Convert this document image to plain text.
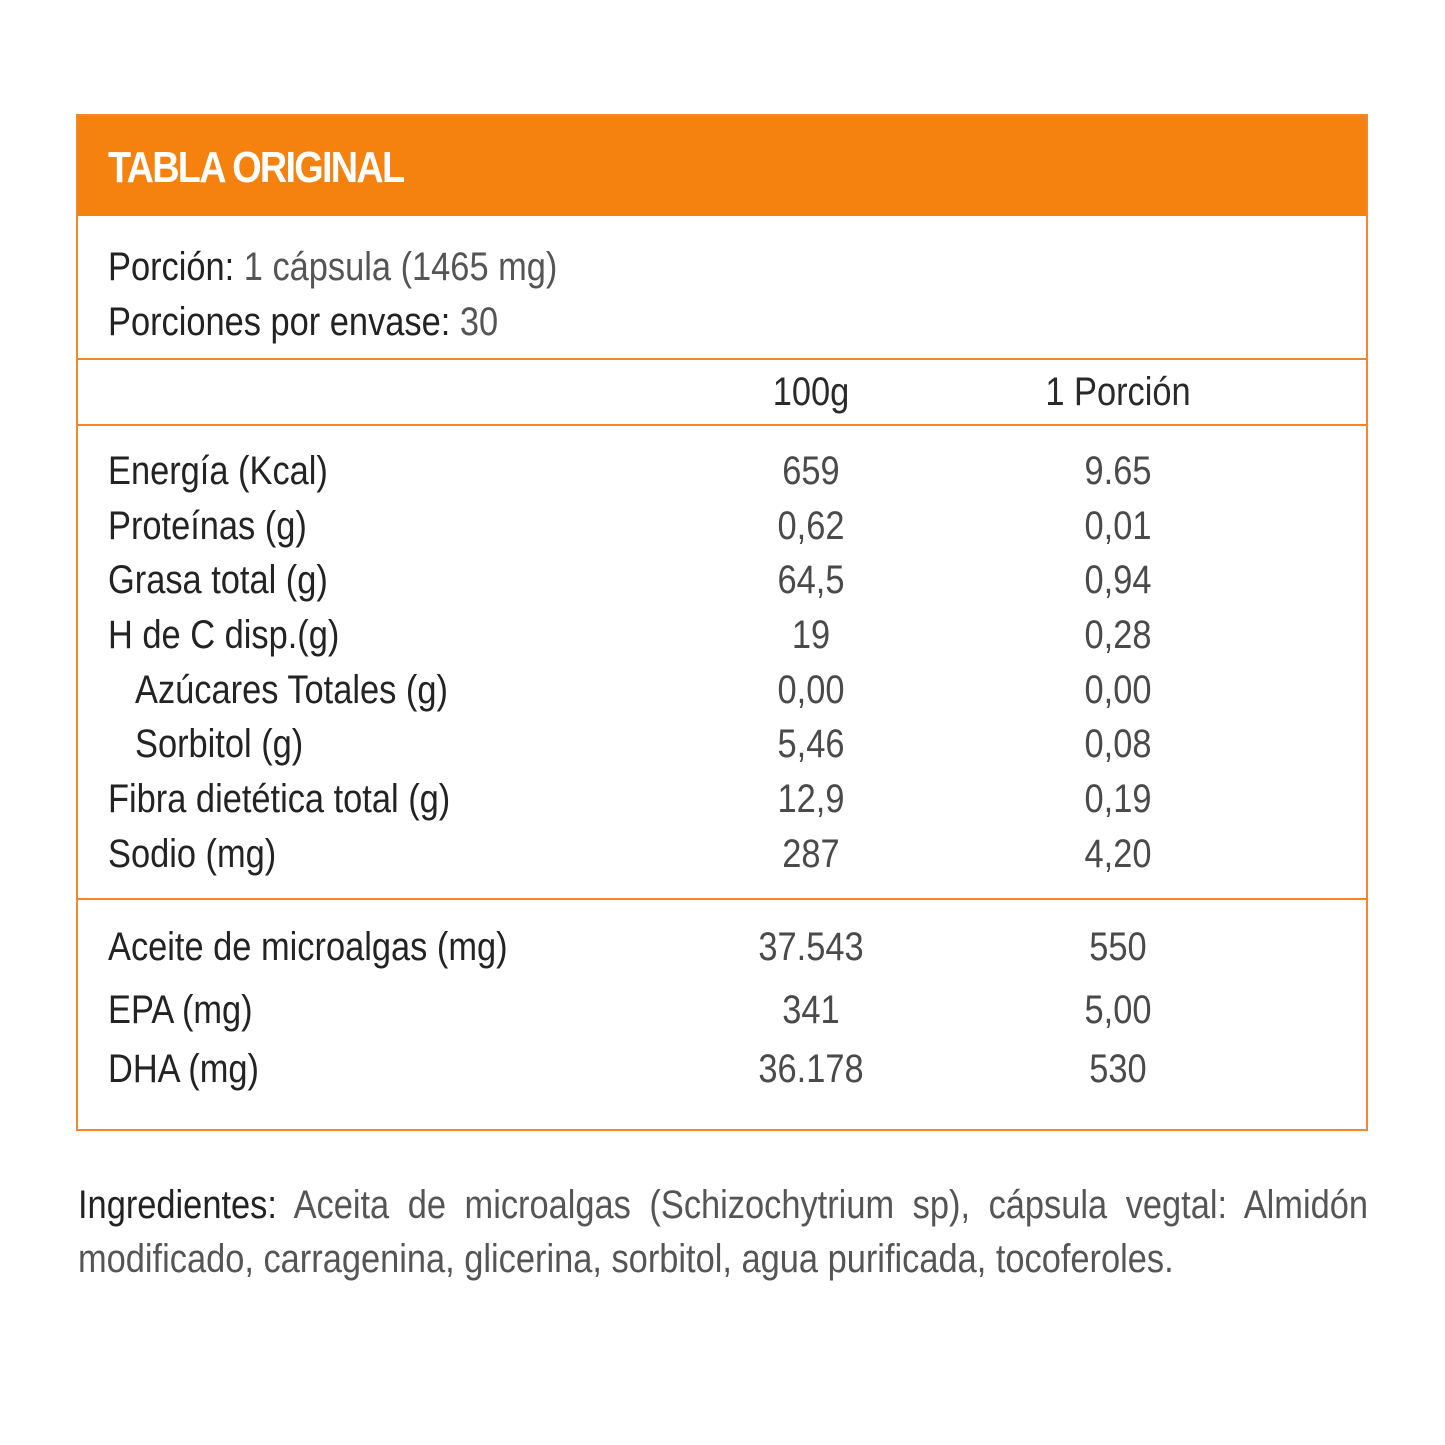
TABLA ORIGINAL
Porción: 1 cápsula (1465 mg)
Porciones por envase: 30
100g	1 Porción
Energía (Kcal)	659	9.65
Proteínas (g)	0,62	0,01
Grasa total (g)	64,5	0,94
H de C disp.(g)	19	0,28
Azúcares Totales (g)	0,00	0,00
Sorbitol (g)	5,46	0,08
Fibra dietética total (g)	12,9	0,19
Sodio (mg)	287	4,20
Aceite de microalgas (mg)	37.543	550
EPA (mg)	341	5,00
DHA (mg)	36.178	530
Ingredientes: Aceita de microalgas (Schizochytrium sp), cápsula vegtal: Almidón modificado, carragenina, glicerina, sorbitol, agua purificada, tocoferoles.
